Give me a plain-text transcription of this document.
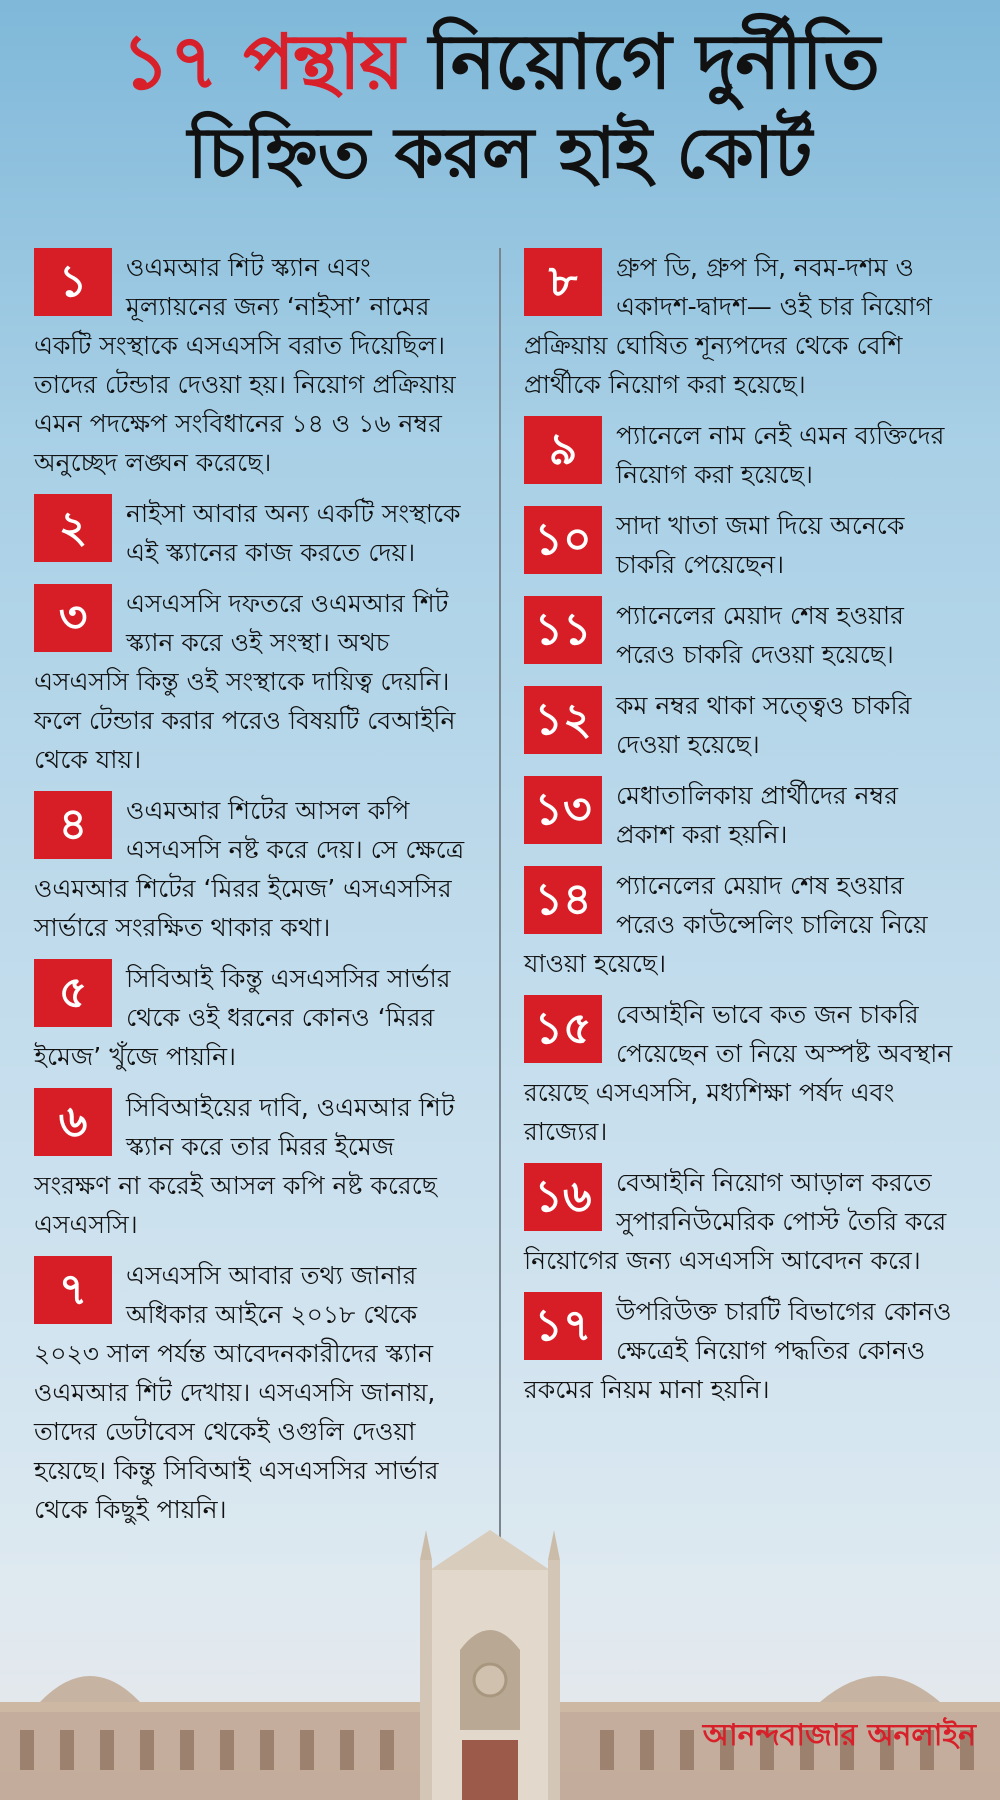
১৭ পন্থায় নিয়োগে দুর্নীতি
চিহ্নিত করল হাই কোর্ট
১	ওএমআর শিট স্ক্যান এবং মূল্যায়নের জন্য ‘নাইসা’ নামের একটি সংস্থাকে এসএসসি বরাত দিয়েছিল। তাদের টেন্ডার দেওয়া হয়। নিয়োগ প্রক্রিয়ায় এমন পদক্ষেপ সংবিধানের ১৪ ও ১৬ নম্বর অনুচ্ছেদ লঙ্ঘন করেছে।
২	নাইসা আবার অন্য একটি সংস্থাকে এই স্ক্যানের কাজ করতে দেয়।
৩	এসএসসি দফতরে ওএমআর শিট স্ক্যান করে ওই সংস্থা। অথচ এসএসসি কিন্তু ওই সংস্থাকে দায়িত্ব দেয়নি। ফলে টেন্ডার করার পরেও বিষয়টি বেআইনি থেকে যায়।
৪	ওএমআর শিটের আসল কপি এসএসসি নষ্ট করে দেয়। সে ক্ষেত্রে ওএমআর শিটের ‘মিরর ইমেজ’ এসএসসির সার্ভারে সংরক্ষিত থাকার কথা।
৫	সিবিআই কিন্তু এসএসসির সার্ভার থেকে ওই ধরনের কোনও ‘মিরর ইমেজ’ খুঁজে পায়নি।
৬	সিবিআইয়ের দাবি, ওএমআর শিট স্ক্যান করে তার মিরর ইমেজ সংরক্ষণ না করেই আসল কপি নষ্ট করেছে এসএসসি।
৭	এসএসসি আবার তথ্য জানার অধিকার আইনে ২০১৮ থেকে ২০২৩ সাল পর্যন্ত আবেদনকারীদের স্ক্যান ওএমআর শিট দেখায়। এসএসসি জানায়, তাদের ডেটাবেস থেকেই ওগুলি দেওয়া হয়েছে। কিন্তু সিবিআই এসএসসির সার্ভার থেকে কিছুই পায়নি।
৮	গ্রুপ ডি, গ্রুপ সি, নবম-দশম ও একাদশ-দ্বাদশ— ওই চার নিয়োগ প্রক্রিয়ায় ঘোষিত শূন্যপদের থেকে বেশি প্রার্থীকে নিয়োগ করা হয়েছে।
৯	প্যানেলে নাম নেই এমন ব্যক্তিদের নিয়োগ করা হয়েছে।
১০ সাদা খাতা জমা দিয়ে অনেকে চাকরি পেয়েছেন।
১১ প্যানেলের মেয়াদ শেষ হওয়ার পরেও চাকরি দেওয়া হয়েছে।
১২ কম নম্বর থাকা সত্ত্বেও চাকরি দেওয়া হয়েছে।
১৩ মেধাতালিকায় প্রার্থীদের নম্বর প্রকাশ করা হয়নি।
১৪ প্যানেলের মেয়াদ শেষ হওয়ার পরেও কাউন্সেলিং চালিয়ে নিয়ে যাওয়া হয়েছে।
১৫ বেআইনি ভাবে কত জন চাকরি পেয়েছেন তা নিয়ে অস্পষ্ট অবস্থান রয়েছে এসএসসি, মধ্যশিক্ষা পর্ষদ এবং রাজ্যের।
১৬ বেআইনি নিয়োগ আড়াল করতে সুপারনিউমেরিক পোস্ট তৈরি করে নিয়োগের জন্য এসএসসি আবেদন করে।
১৭ উপরিউক্ত চারটি বিভাগের কোনও ক্ষেত্রেই নিয়োগ পদ্ধতির কোনও রকমের নিয়ম মানা হয়নি।
আনন্দবাজার অনলাইন
